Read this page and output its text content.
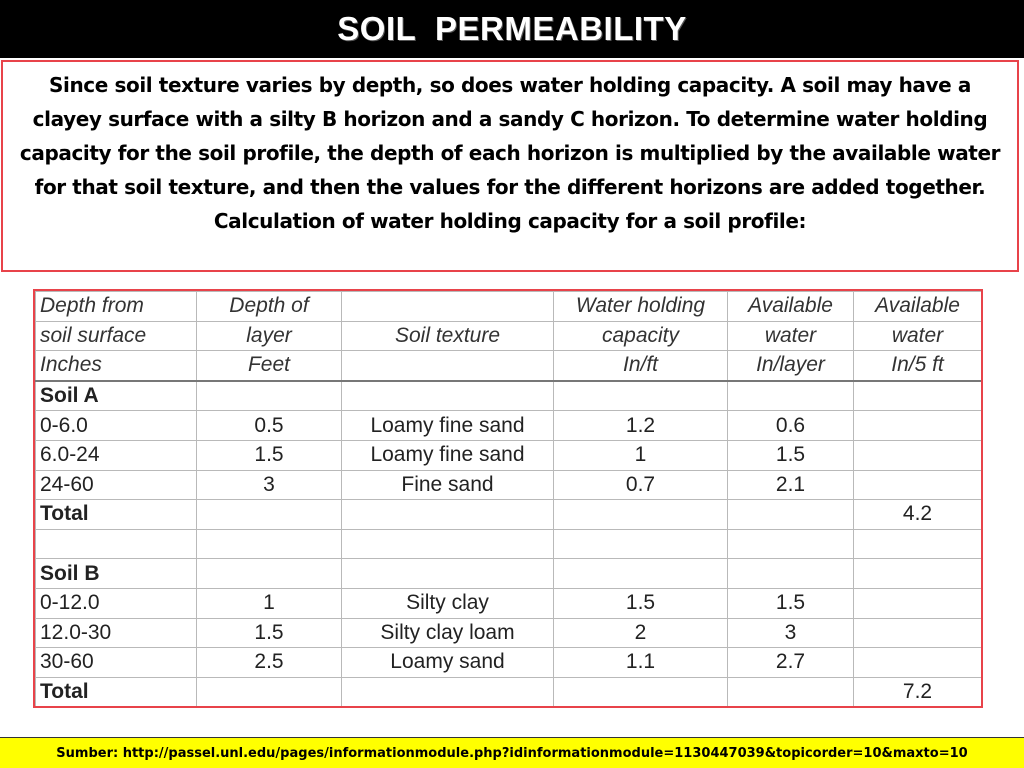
SOIL  PERMEABILITY

Since soil texture varies by depth, so does water holding capacity. A soil may have a clayey surface with a silty B horizon and a sandy C horizon. To determine water holding capacity for the soil profile, the depth of each horizon is multiplied by the available water for that soil texture, and then the values for the different horizons are added together.

Calculation of water holding capacity for a soil profile:

Depth from	Depth of		Water holding	Available	Available
soil surface	layer	Soil texture	capacity	water	water
Inches	Feet		In/ft	In/layer	In/5 ft
Soil A					
0-6.0	0.5	Loamy fine sand	1.2	0.6	
6.0-24	1.5	Loamy fine sand	1	1.5	
24-60	3	Fine sand	0.7	2.1	
Total					4.2

Soil B					
0-12.0	1	Silty clay	1.5	1.5	
12.0-30	1.5	Silty clay loam	2	3	
30-60	2.5	Loamy sand	1.1	2.7	
Total					7.2
Sumber: http://passel.unl.edu/pages/informationmodule.php?idinformationmodule=1130447039&topicorder=10&maxto=10
